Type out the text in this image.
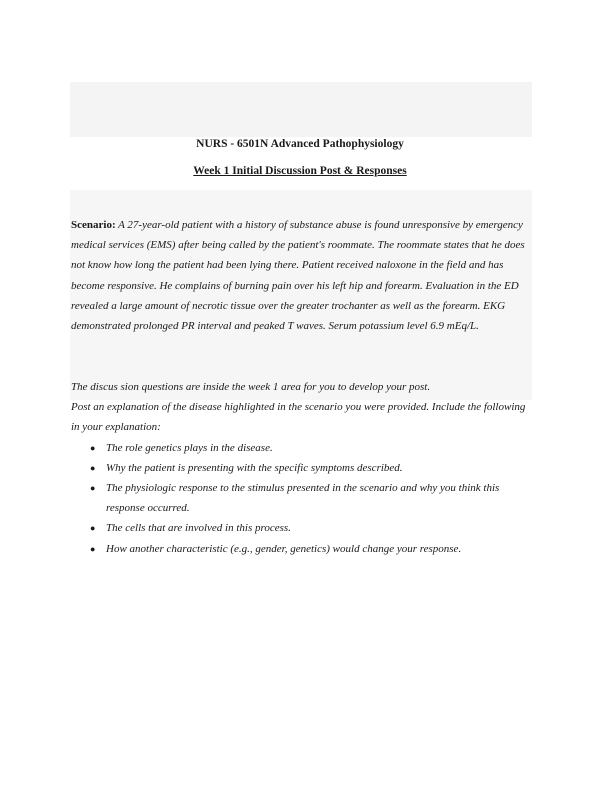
NURS - 6501N Advanced Pathophysiology
Week 1 Initial Discussion Post & Responses

Scenario: A 27-year-old patient with a history of substance abuse is found unresponsive by emergency medical services (EMS) after being called by the patient's roommate. The roommate states that he does not know how long the patient had been lying there. Patient received naloxone in the field and has become responsive. He complains of burning pain over his left hip and forearm. Evaluation in the ED revealed a large amount of necrotic tissue over the greater trochanter as well as the forearm. EKG demonstrated prolonged PR interval and peaked T waves. Serum potassium level 6.9 mEq/L.

The discus sion questions are inside the week 1 area for you to develop your post.

Post an explanation of the disease highlighted in the scenario you were provided. Include the following in your explanation:

● The role genetics plays in the disease.
● Why the patient is presenting with the specific symptoms described.
● The physiologic response to the stimulus presented in the scenario and why you think this response occurred.
● The cells that are involved in this process.
● How another characteristic (e.g., gender, genetics) would change your response.
